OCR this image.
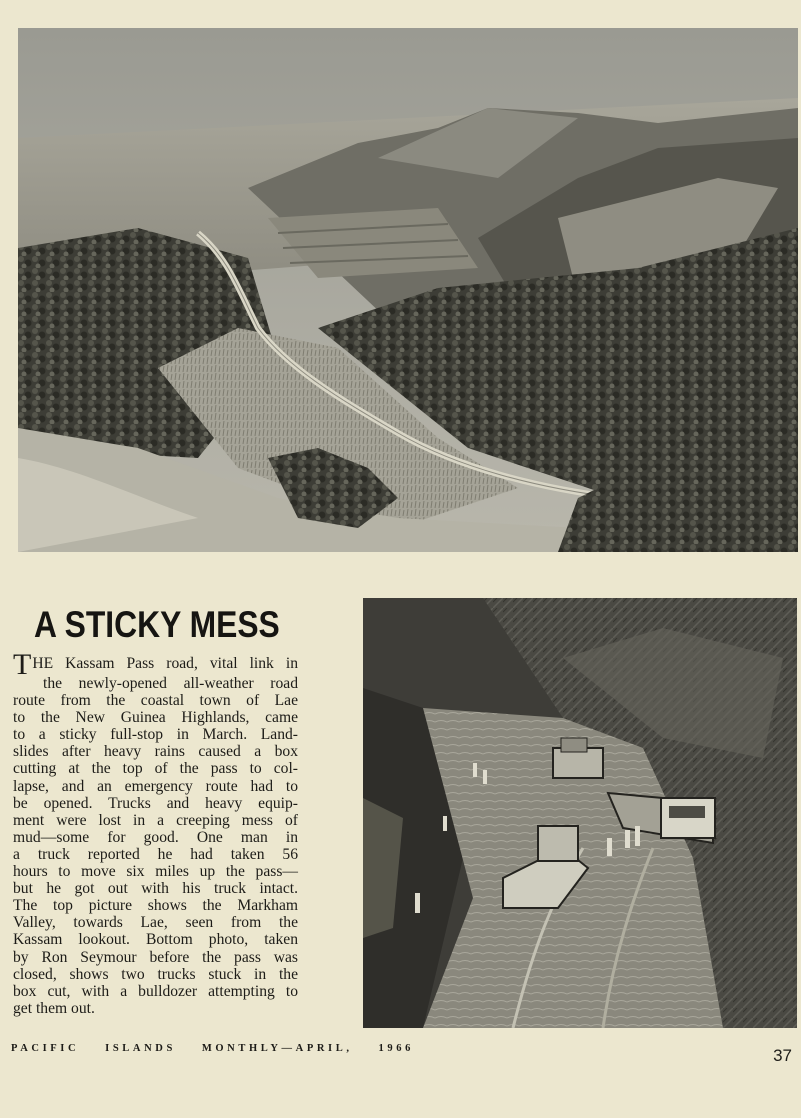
A STICKY MESS
THE Kassam Pass road, vital link in
the newly-opened all-weather road
route from the coastal town of Lae
to the New Guinea Highlands, came
to a sticky full-stop in March. Land-
slides after heavy rains caused a box
cutting at the top of the pass to col-
lapse, and an emergency route had to
be opened. Trucks and heavy equip-
ment were lost in a creeping mess of
mud—some for good. One man in
a truck reported he had taken 56
hours to move six miles up the pass—
but he got out with his truck intact.
The top picture shows the Markham
Valley, towards Lae, seen from the
Kassam lookout. Bottom photo, taken
by Ron Seymour before the pass was
closed, shows two trucks stuck in the
box cut, with a bulldozer attempting to
get them out.
PACIFIC ISLANDS MONTHLY—APRIL, 1966	37
